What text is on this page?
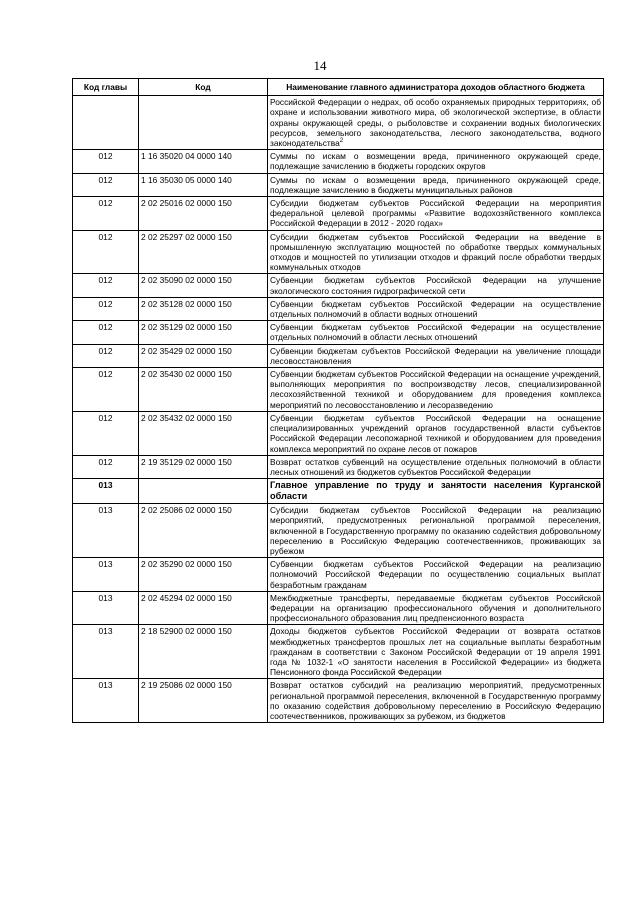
14
Код главы	Код	Наименование главного администратора доходов областного бюджета
		Российской Федерации о недрах, об особо охраняемых природных территориях, об охране и использовании животного мира, об экологической экспертизе, в области охраны окружающей среды, о рыболовстве и сохранении водных биологических ресурсов, земельного законодательства, лесного законодательства, водного законодательства$^2$
012	1 16 35020 04 0000 140	Суммы по искам о возмещении вреда, причиненного окружающей среде, подлежащие зачислению в бюджеты городских округов
012	1 16 35030 05 0000 140	Суммы по искам о возмещении вреда, причиненного окружающей среде, подлежащие зачислению в бюджеты муниципальных районов
012	2 02 25016 02 0000 150	Субсидии бюджетам субъектов Российской Федерации на мероприятия федеральной целевой программы «Развитие водохозяйственного комплекса Российской Федерации в 2012 - 2020 годах»
012	2 02 25297 02 0000 150	Субсидии бюджетам субъектов Российской Федерации на введение в промышленную эксплуатацию мощностей по обработке твердых коммунальных отходов и мощностей по утилизации отходов и фракций после обработки твердых коммунальных отходов
012	2 02 35090 02 0000 150	Субвенции бюджетам субъектов Российской Федерации на улучшение экологического состояния гидрографической сети
012	2 02 35128 02 0000 150	Субвенции бюджетам субъектов Российской Федерации на осуществление отдельных полномочий в области водных отношений
012	2 02 35129 02 0000 150	Субвенции бюджетам субъектов Российской Федерации на осуществление отдельных полномочий в области лесных отношений
012	2 02 35429 02 0000 150	Субвенции бюджетам субъектов Российской Федерации на увеличение площади лесовосстановления
012	2 02 35430 02 0000 150	Субвенции бюджетам субъектов Российской Федерации на оснащение учреждений, выполняющих мероприятия по воспроизводству лесов, специализированной лесохозяйственной техникой и оборудованием для проведения комплекса мероприятий по лесовосстановлению и лесоразведению
012	2 02 35432 02 0000 150	Субвенции бюджетам субъектов Российской Федерации на оснащение специализированных учреждений органов государственной власти субъектов Российской Федерации лесопожарной техникой и оборудованием для проведения комплекса мероприятий по охране лесов от пожаров
012	2 19 35129 02 0000 150	Возврат остатков субвенций на осуществление отдельных полномочий в области лесных отношений из бюджетов субъектов Российской Федерации
013		Главное управление по труду и занятости населения Курганской области
013	2 02 25086 02 0000 150	Субсидии бюджетам субъектов Российской Федерации на реализацию мероприятий, предусмотренных региональной программой переселения, включенной в Государственную программу по оказанию содействия добровольному переселению в Российскую Федерацию соотечественников, проживающих за рубежом
013	2 02 35290 02 0000 150	Субвенции бюджетам субъектов Российской Федерации на реализацию полномочий Российской Федерации по осуществлению социальных выплат безработным гражданам
013	2 02 45294 02 0000 150	Межбюджетные трансферты, передаваемые бюджетам субъектов Российской Федерации на организацию профессионального обучения и дополнительного профессионального образования лиц предпенсионного возраста
013	2 18 52900 02 0000 150	Доходы бюджетов субъектов Российской Федерации от возврата остатков межбюджетных трансфертов прошлых лет на социальные выплаты безработным гражданам в соответствии с Законом Российской Федерации от 19 апреля 1991 года № 1032-1 «О занятости населения в Российской Федерации» из бюджета Пенсионного фонда Российской Федерации
013	2 19 25086 02 0000 150	Возврат остатков субсидий на реализацию мероприятий, предусмотренных региональной программой переселения, включенной в Государственную программу по оказанию содействия добровольному переселению в Российскую Федерацию соотечественников, проживающих за рубежом, из бюджетов
